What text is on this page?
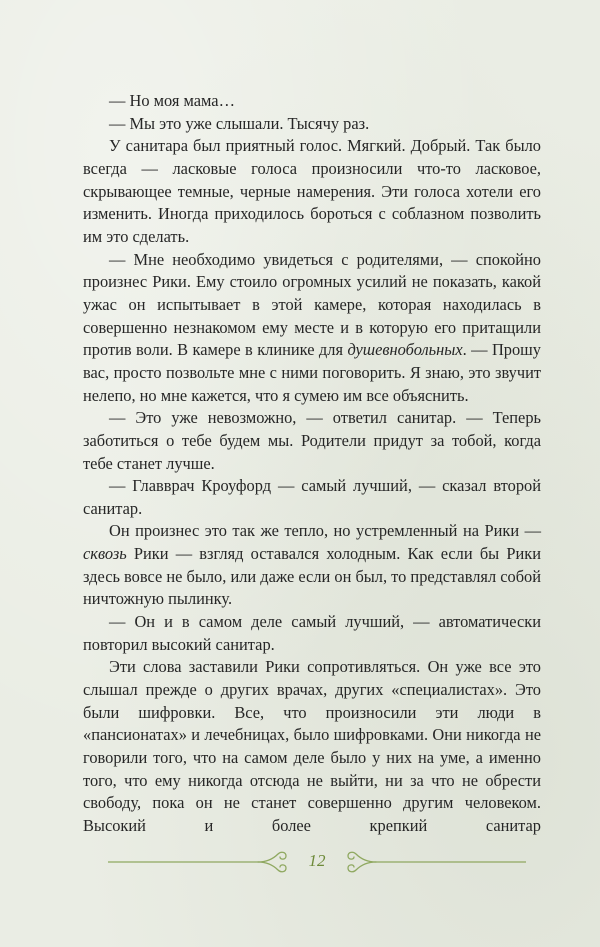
— Но моя мама…

— Мы это уже слышали. Тысячу раз.

У санитара был приятный голос. Мягкий. Добрый. Так было всегда — ласковые голоса произносили что-то ласковое, скрывающее темные, черные намерения. Эти голоса хотели его изменить. Иногда приходилось бороться с соблазном позволить им это сделать.

— Мне необходимо увидеться с родителями, — спокойно произнес Рики. Ему стоило огромных усилий не показать, какой ужас он испытывает в этой камере, которая находилась в совершенно незнакомом ему месте и в которую его притащили против воли. В камере в клинике для душевнобольных. — Прошу вас, просто позвольте мне с ними поговорить. Я знаю, это звучит нелепо, но мне кажется, что я сумею им все объяснить.

— Это уже невозможно, — ответил санитар. — Теперь заботиться о тебе будем мы. Родители придут за тобой, когда тебе станет лучше.

— Главврач Кроуфорд — самый лучший, — сказал второй санитар.

Он произнес это так же тепло, но устремленный на Рики — сквозь Рики — взгляд оставался холодным. Как если бы Рики здесь вовсе не было, или даже если он был, то представлял собой ничтожную пылинку.

— Он и в самом деле самый лучший, — автоматически повторил высокий санитар.

Эти слова заставили Рики сопротивляться. Он уже все это слышал прежде о других врачах, других «специалистах». Это были шифровки. Все, что произносили эти люди в «пансионатах» и лечебницах, было шифровками. Они никогда не говорили того, что на самом деле было у них на уме, а именно того, что ему никогда отсюда не выйти, ни за что не обрести свободу, пока он не станет совершенно другим человеком. Высокий и более крепкий санитар

12
